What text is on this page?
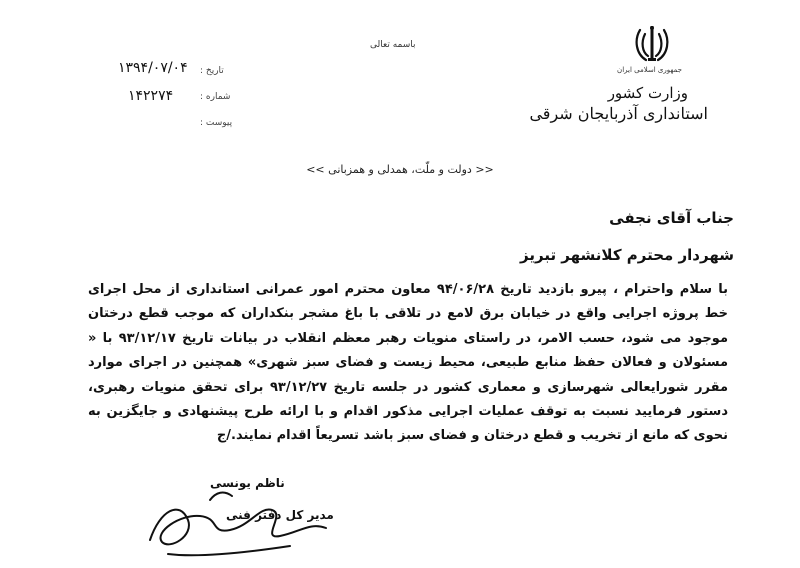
جمهوری اسلامی ایران
وزارت کشور
استانداری آذربایجان شرقی
باسمه تعالی
تاریخ :
۱۳۹۴/۰۷/۰۴
شماره :
۱۴۲۲۷۴
پیوست :
<< دولت و ملّت، همدلی و همزبانی >>
جناب آقای نجفی
شهردار محترم کلانشهر تبریز

با سلام واحترام ، پیرو بازدید تاریخ ۹۴/۰۶/۲۸ معاون محترم امور عمرانی استانداری از محل اجرای خط پروژه اجرایی واقع در خیابان برق لامع در تلاقی با باغ مشجر بنکداران که موجب قطع درختان موجود می شود، حسب الامر، در راستای منویات رهبر معظم انقلاب در بیانات تاریخ ۹۳/۱۲/۱۷ با « مسئولان و فعالان حفظ منابع طبیعی، محیط زیست و فضای سبز شهری» همچنین در اجرای موارد مقرر شورایعالی شهرسازی و معماری کشور در جلسه تاریخ ۹۳/۱۲/۲۷ برای تحقق منویات رهبری، دستور فرمایید نسبت به توقف عملیات اجرایی مذکور اقدام و با ارائه طرح پیشنهادی و جایگزین به نحوی که مانع از تخریب و قطع درختان و فضای سبز باشد تسریعاً اقدام نمایند./ج

ناظم یونسی
مدیر کل دفتر فنی
